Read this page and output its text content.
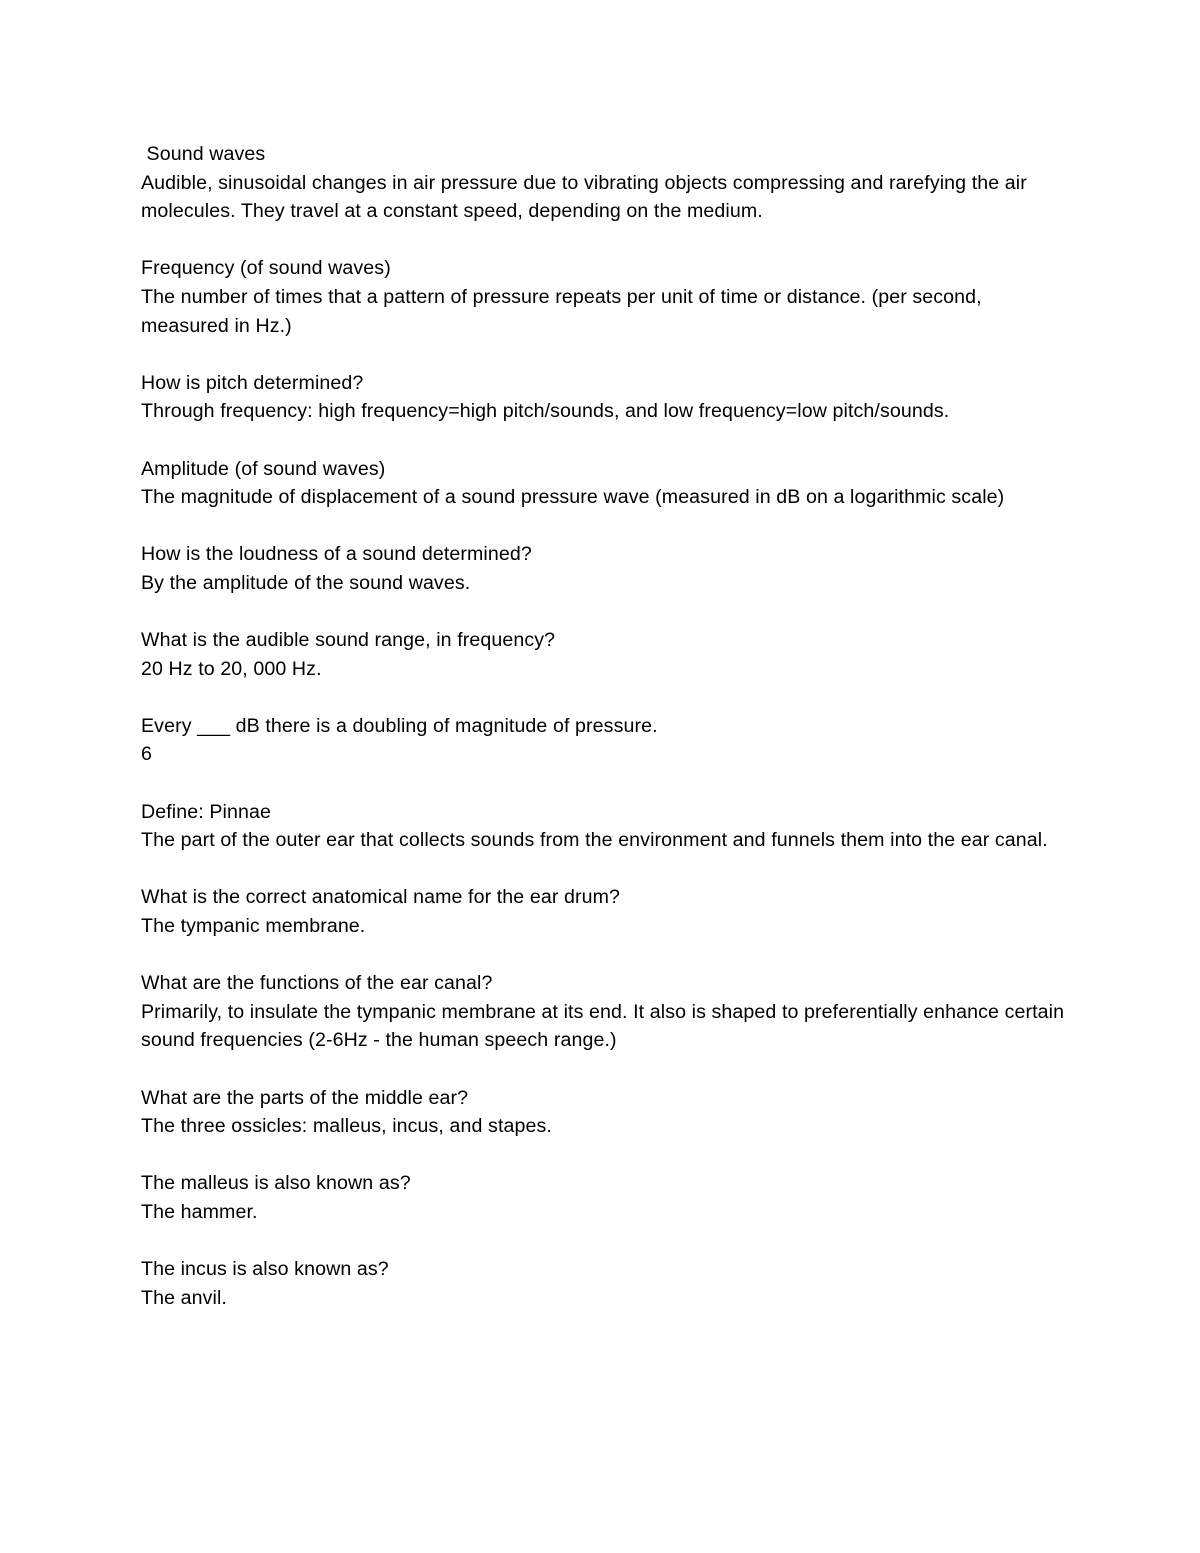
Sound waves
Audible, sinusoidal changes in air pressure due to vibrating objects compressing and rarefying the air molecules. They travel at a constant speed, depending on the medium.
Frequency (of sound waves)
The number of times that a pattern of pressure repeats per unit of time or distance. (per second, measured in Hz.)
How is pitch determined?
Through frequency: high frequency=high pitch/sounds, and low frequency=low pitch/sounds.
Amplitude (of sound waves)
The magnitude of displacement of a sound pressure wave (measured in dB on a logarithmic scale)
How is the loudness of a sound determined?
By the amplitude of the sound waves.
What is the audible sound range, in frequency?
20 Hz to 20, 000 Hz.
Every ___ dB there is a doubling of magnitude of pressure.
6
Define: Pinnae
The part of the outer ear that collects sounds from the environment and funnels them into the ear canal.
What is the correct anatomical name for the ear drum?
The tympanic membrane.
What are the functions of the ear canal?
Primarily, to insulate the tympanic membrane at its end. It also is shaped to preferentially enhance certain sound frequencies (2-6Hz - the human speech range.)
What are the parts of the middle ear?
The three ossicles: malleus, incus, and stapes.
The malleus is also known as?
The hammer.
The incus is also known as?
The anvil.
